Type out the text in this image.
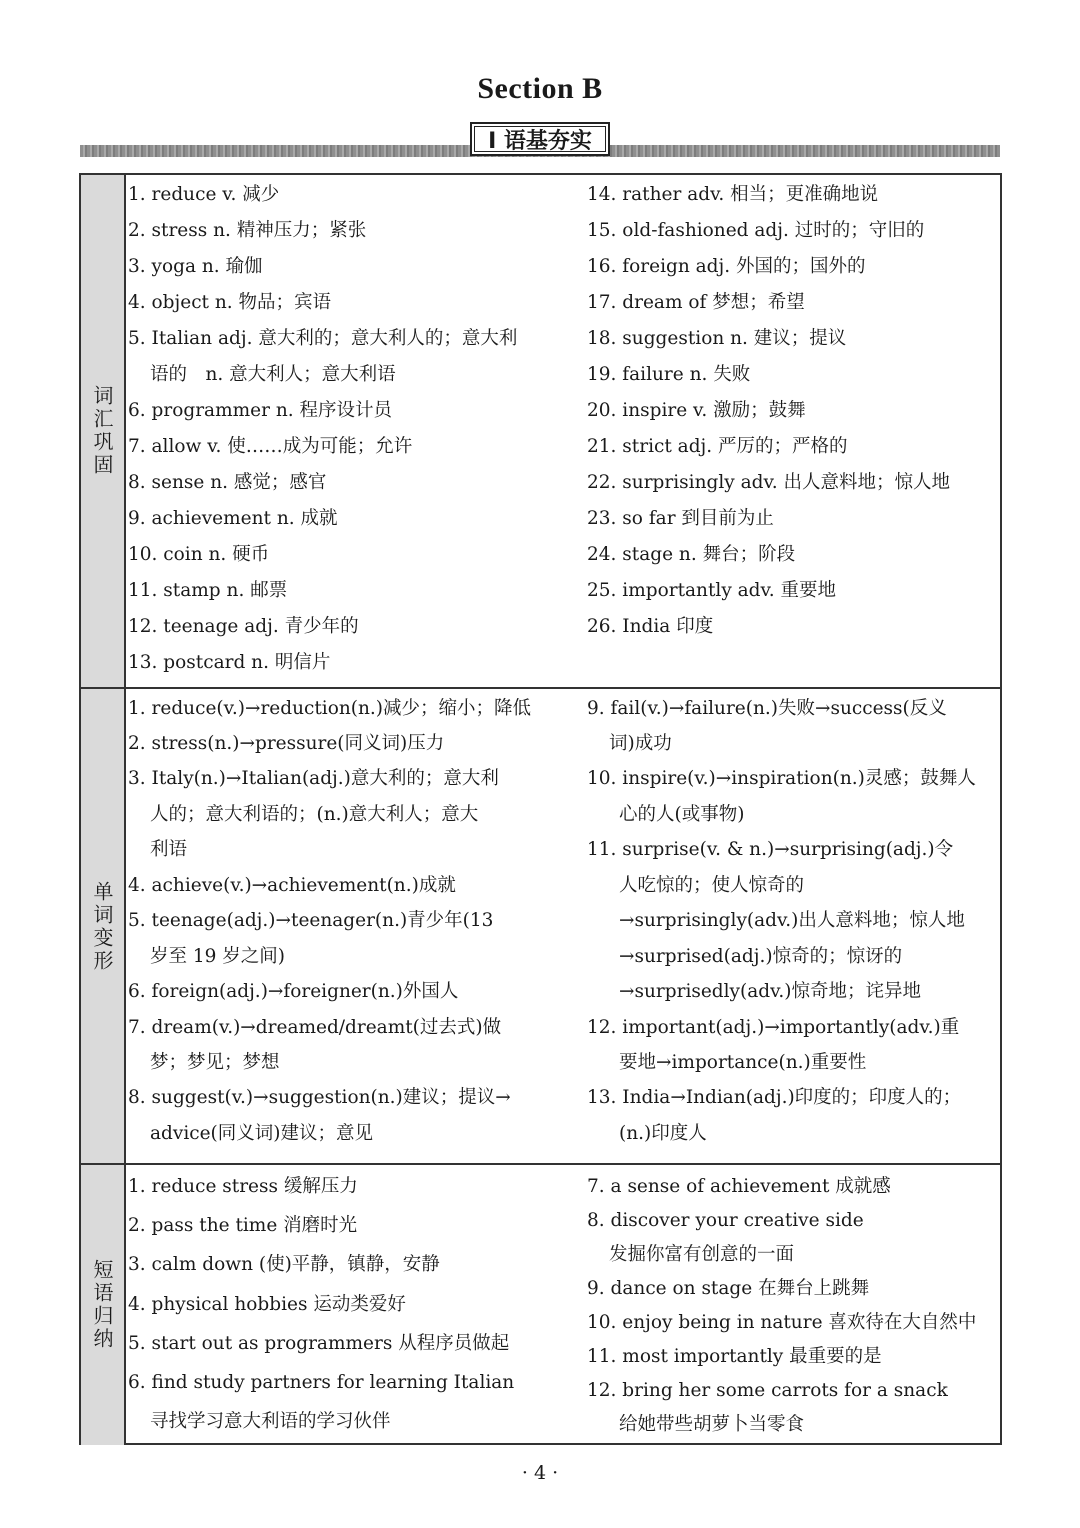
Section B
Ⅰ 语基夯实
词汇巩固
1. reduce v. 减少
2. stress n. 精神压力；紧张
3. yoga n. 瑜伽
4. object n. 物品；宾语
5. Italian adj. 意大利的；意大利人的；意大利
语的　n. 意大利人；意大利语
6. programmer n. 程序设计员
7. allow v. 使……成为可能；允许
8. sense n. 感觉；感官
9. achievement n. 成就
10. coin n. 硬币
11. stamp n. 邮票
12. teenage adj. 青少年的
13. postcard n. 明信片
14. rather adv. 相当；更准确地说
15. old-fashioned adj. 过时的；守旧的
16. foreign adj. 外国的；国外的
17. dream of 梦想；希望
18. suggestion n. 建议；提议
19. failure n. 失败
20. inspire v. 激励；鼓舞
21. strict adj. 严厉的；严格的
22. surprisingly adv. 出人意料地；惊人地
23. so far 到目前为止
24. stage n. 舞台；阶段
25. importantly adv. 重要地
26. India 印度
单词变形
1. reduce(v.)→reduction(n.)减少；缩小；降低
2. stress(n.)→pressure(同义词)压力
3. Italy(n.)→Italian(adj.)意大利的；意大利
人的；意大利语的；(n.)意大利人；意大
利语
4. achieve(v.)→achievement(n.)成就
5. teenage(adj.)→teenager(n.)青少年(13
岁至 19 岁之间)
6. foreign(adj.)→foreigner(n.)外国人
7. dream(v.)→dreamed/dreamt(过去式)做
梦；梦见；梦想
8. suggest(v.)→suggestion(n.)建议；提议→
advice(同义词)建议；意见
9. fail(v.)→failure(n.)失败→success(反义
词)成功
10. inspire(v.)→inspiration(n.)灵感；鼓舞人
心的人(或事物)
11. surprise(v. & n.)→surprising(adj.)令
人吃惊的；使人惊奇的
→surprisingly(adv.)出人意料地；惊人地
→surprised(adj.)惊奇的；惊讶的
→surprisedly(adv.)惊奇地；诧异地
12. important(adj.)→importantly(adv.)重
要地→importance(n.)重要性
13. India→Indian(adj.)印度的；印度人的；
(n.)印度人
短语归纳
1. reduce stress 缓解压力
2. pass the time 消磨时光
3. calm down (使)平静，镇静，安静
4. physical hobbies 运动类爱好
5. start out as programmers 从程序员做起
6. find study partners for learning Italian
寻找学习意大利语的学习伙伴
7. a sense of achievement 成就感
8. discover your creative side
发掘你富有创意的一面
9. dance on stage 在舞台上跳舞
10. enjoy being in nature 喜欢待在大自然中
11. most importantly 最重要的是
12. bring her some carrots for a snack
给她带些胡萝卜当零食
· 4 ·
